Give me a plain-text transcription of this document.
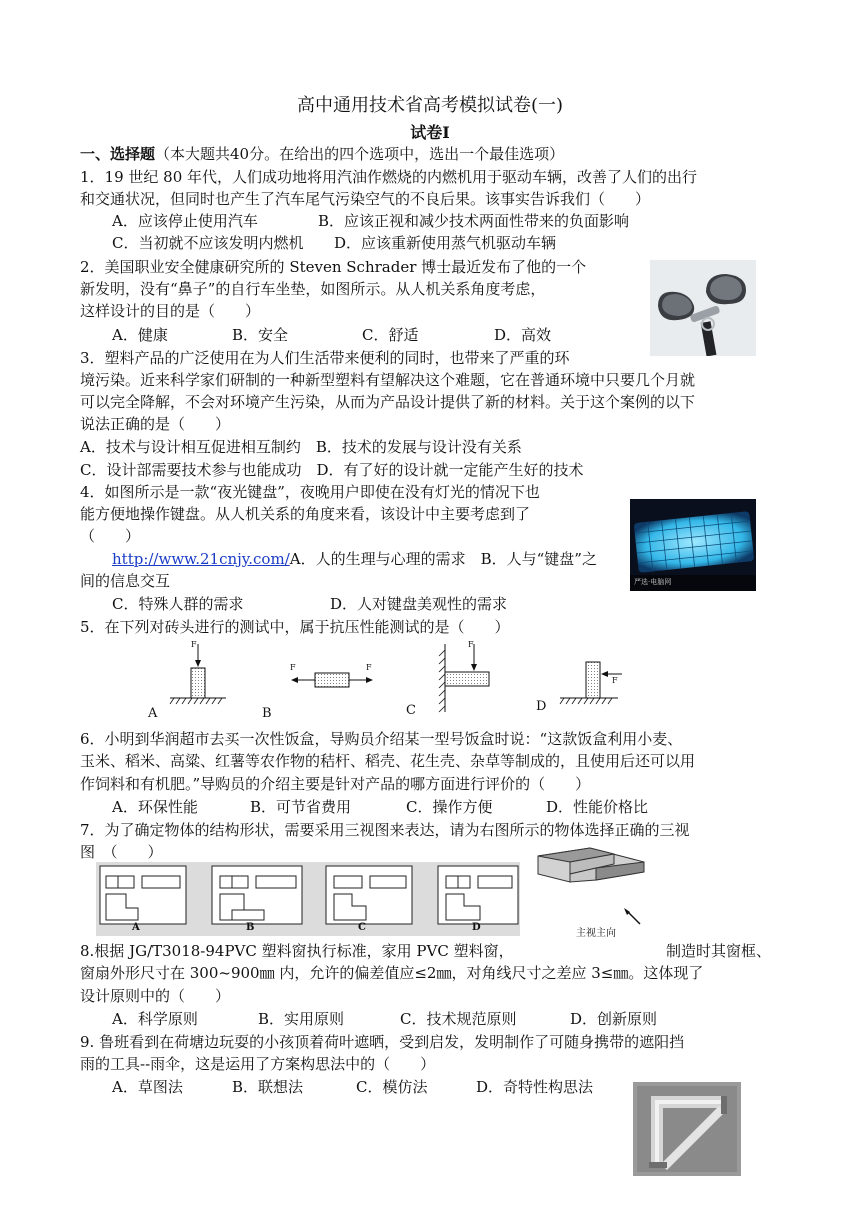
高中通用技术省高考模拟试卷(一)
试卷Ⅰ
一、选择题（本大题共40分。在给出的四个选项中，选出一个最佳选项）
1．19 世纪 80 年代，人们成功地将用汽油作燃烧的内燃机用于驱动车辆，改善了人们的出行
和交通状况，但同时也产生了汽车尾气污染空气的不良后果。该事实告诉我们（　　）
A．应该停止使用汽车	B．应该正视和减少技术两面性带来的负面影响
C．当初就不应该发明内燃机 D．应该重新使用蒸气机驱动车辆
2．美国职业安全健康研究所的 Steven Schrader 博士最近发布了他的一个
新发明，没有“鼻子”的自行车坐垫，如图所示。从人机关系角度考虑，
这样设计的目的是（　　）
A．健康	B．安全	C．舒适	D．高效
3．塑料产品的广泛使用在为人们生活带来便利的同时，也带来了严重的环
境污染。近来科学家们研制的一种新型塑料有望解决这个难题，它在普通环境中只要几个月就
可以完全降解，不会对环境产生污染，从而为产品设计提供了新的材料。关于这个案例的以下
说法正确的是（　　）
A．技术与设计相互促进相互制约　B．技术的发展与设计没有关系
C．设计部需要技术参与也能成功　D．有了好的设计就一定能产生好的技术
4．如图所示是一款“夜光键盘”，夜晚用户即使在没有灯光的情况下也
能方便地操作键盘。从人机关系的角度来看，该设计中主要考虑到了
（　　）
http://www.21cnjy.com/A．人的生理与心理的需求　B．人与“键盘”之
间的信息交互
C．特殊人群的需求	D．人对键盘美观性的需求
严选·电脑网
5．在下列对砖头进行的测试中，属于抗压性能测试的是（　　）
F
F	F
F
F
A	B	C	D
6．小明到华润超市去买一次性饭盒，导购员介绍某一型号饭盒时说：“这款饭盒利用小麦、
玉米、稻米、高粱、红薯等农作物的秸杆、稻壳、花生壳、杂草等制成的，且使用后还可以用
作饲料和有机肥。”导购员的介绍主要是针对产品的哪方面进行评价的（　　）
A．环保性能	B．可节省费用	C．操作方便	D．性能价格比
7．为了确定物体的结构形状，需要采用三视图来表达，请为右图所示的物体选择正确的三视
图　（　　）
A	B	C	D
主视主向
8.根据 JG/T3018-94PVC 塑料窗执行标准，家用 PVC 塑料窗，	制造时其窗框、
窗扇外形尺寸在 300~900㎜ 内，允许的偏差值应≤2㎜，对角线尺寸之差应 3≤㎜。这体现了
设计原则中的（　　）
A．科学原则	B．实用原则	C．技术规范原则	D．创新原则
9. 鲁班看到在荷塘边玩耍的小孩顶着荷叶遮晒，受到启发，发明制作了可随身携带的遮阳挡
雨的工具--雨伞，这是运用了方案构思法中的（　　）
A．草图法	B．联想法	C．模仿法	D．奇特性构思法
